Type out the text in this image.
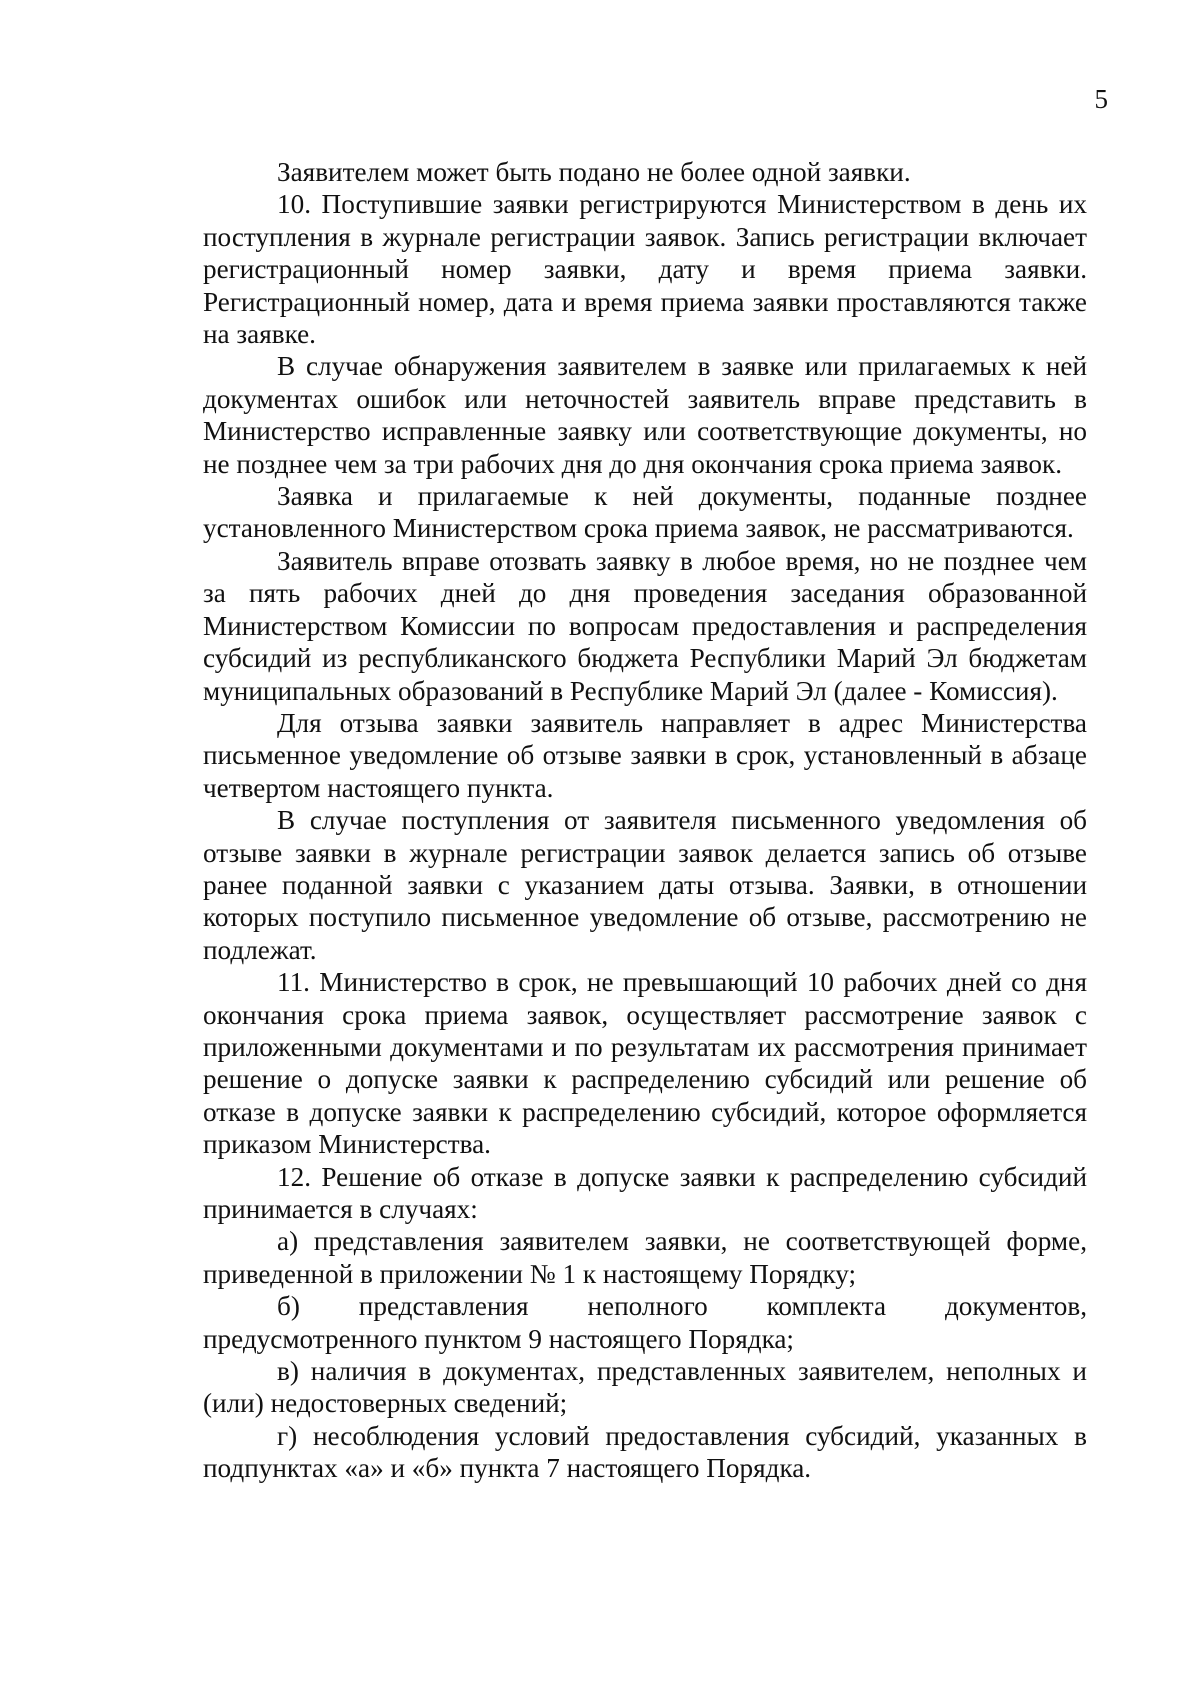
5

Заявителем может быть подано не более одной заявки.

10. Поступившие заявки регистрируются Министерством в день их поступления в журнале регистрации заявок. Запись регистрации включает регистрационный номер заявки, дату и время приема заявки. Регистрационный номер, дата и время приема заявки проставляются также на заявке.

В случае обнаружения заявителем в заявке или прилагаемых к ней документах ошибок или неточностей заявитель вправе представить в Министерство исправленные заявку или соответствующие документы, но не позднее чем за три рабочих дня до дня окончания срока приема заявок.

Заявка и прилагаемые к ней документы, поданные позднее установленного Министерством срока приема заявок, не рассматриваются.

Заявитель вправе отозвать заявку в любое время, но не позднее чем за пять рабочих дней до дня проведения заседания образованной Министерством Комиссии по вопросам предоставления и распределения субсидий из республиканского бюджета Республики Марий Эл бюджетам муниципальных образований в Республике Марий Эл (далее - Комиссия).

Для отзыва заявки заявитель направляет в адрес Министерства письменное уведомление об отзыве заявки в срок, установленный в абзаце четвертом настоящего пункта.

В случае поступления от заявителя письменного уведомления об отзыве заявки в журнале регистрации заявок делается запись об отзыве ранее поданной заявки с указанием даты отзыва. Заявки, в отношении которых поступило письменное уведомление об отзыве, рассмотрению не подлежат.

11. Министерство в срок, не превышающий 10 рабочих дней со дня окончания срока приема заявок, осуществляет рассмотрение заявок с приложенными документами и по результатам их рассмотрения принимает решение о допуске заявки к распределению субсидий или решение об отказе в допуске заявки к распределению субсидий, которое оформляется приказом Министерства.

12. Решение об отказе в допуске заявки к распределению субсидий принимается в случаях:

а) представления заявителем заявки, не соответствующей форме, приведенной в приложении № 1 к настоящему Порядку;

б) представления неполного комплекта документов, предусмотренного пунктом 9 настоящего Порядка;

в) наличия в документах, представленных заявителем, неполных и (или) недостоверных сведений;

г) несоблюдения условий предоставления субсидий, указанных в подпунктах «а» и «б» пункта 7 настоящего Порядка.
